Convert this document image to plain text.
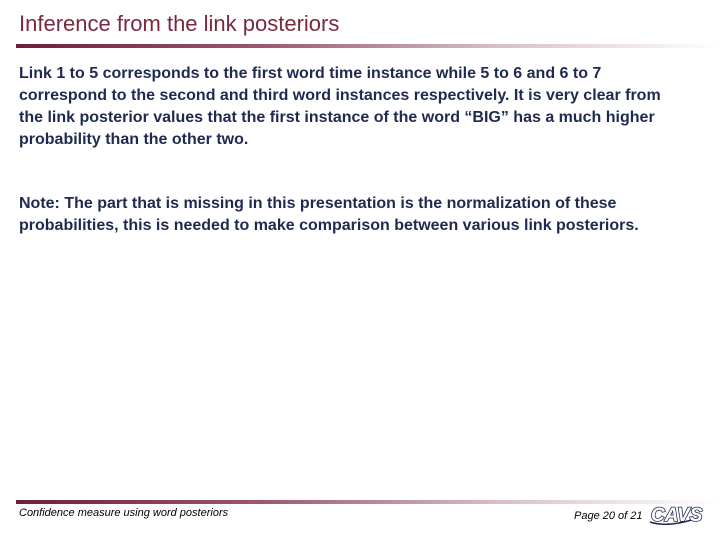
Inference from the link posteriors
Link 1 to 5 corresponds to the first word time instance while 5 to 6 and 6 to 7 correspond to the second and third word instances respectively. It is very clear from the link posterior values that the first instance of the word “BIG” has a much higher probability than the other two.
Note: The part that is missing in this presentation is the normalization of these probabilities, this is needed to make comparison between various link posteriors.
Confidence measure using word posteriors	Page 20 of 21 CAVS
